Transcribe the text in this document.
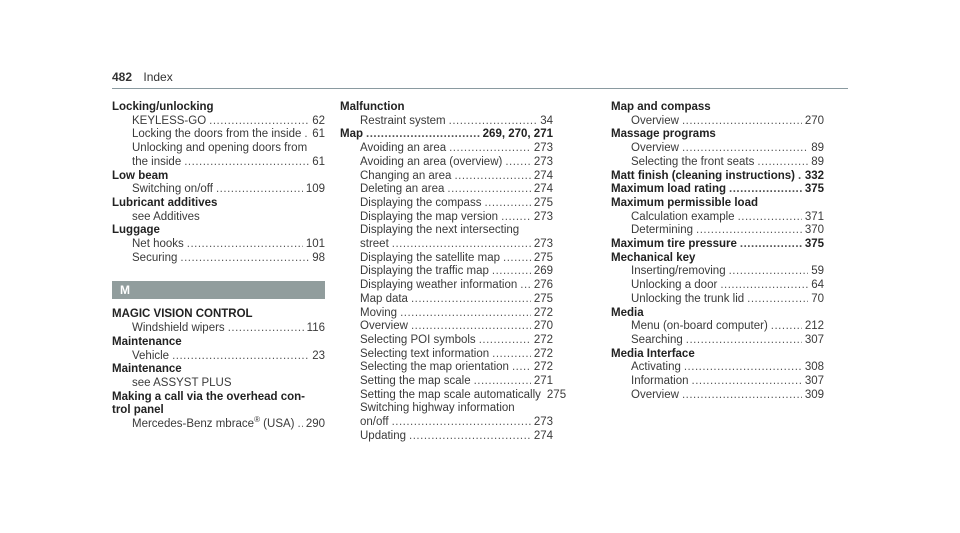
482 Index
Locking/unlocking
KEYLESS-GO .....	62
Locking the doors from the inside ..... 61
Unlocking and opening doors from
the inside .....	61
Low beam
Switching on/off .....	109
Lubricant additives
see Additives
Luggage
Net hooks .....	101
Securing .....	98
M
MAGIC VISION CONTROL
Windshield wipers .....	116
Maintenance
Vehicle .....	23
Maintenance
see ASSYST PLUS
Making a call via the overhead con-
trol panel
Mercedes-Benz mbrace® (USA) ..... 290
Malfunction
Restraint system .....	34
Map .....	269, 270, 271
Avoiding an area .....	273
Avoiding an area (overview) .....	273
Changing an area .....	274
Deleting an area .....	274
Displaying the compass .....	275
Displaying the map version .....	273
Displaying the next intersecting
street .....	273
Displaying the satellite map .....	275
Displaying the traffic map .....	269
Displaying weather information ..... 276
Map data .....	275
Moving .....	272
Overview .....	270
Selecting POI symbols .....	272
Selecting text information .....	272
Selecting the map orientation ..... 272
Setting the map scale .....	271
Setting the map scale automatically 275
Switching highway information
on/off .....	273
Updating .....	274
Map and compass
Overview .....	270
Massage programs
Overview .....	89
Selecting the front seats .....	89
Matt finish (cleaning instructions) ..... 332
Maximum load rating .....	375
Maximum permissible load
Calculation example .....	371
Determining .....	370
Maximum tire pressure .....	375
Mechanical key
Inserting/removing .....	59
Unlocking a door .....	64
Unlocking the trunk lid .....	70
Media
Menu (on-board computer) .....	212
Searching .....	307
Media Interface
Activating .....	308
Information .....	307
Overview .....	309
